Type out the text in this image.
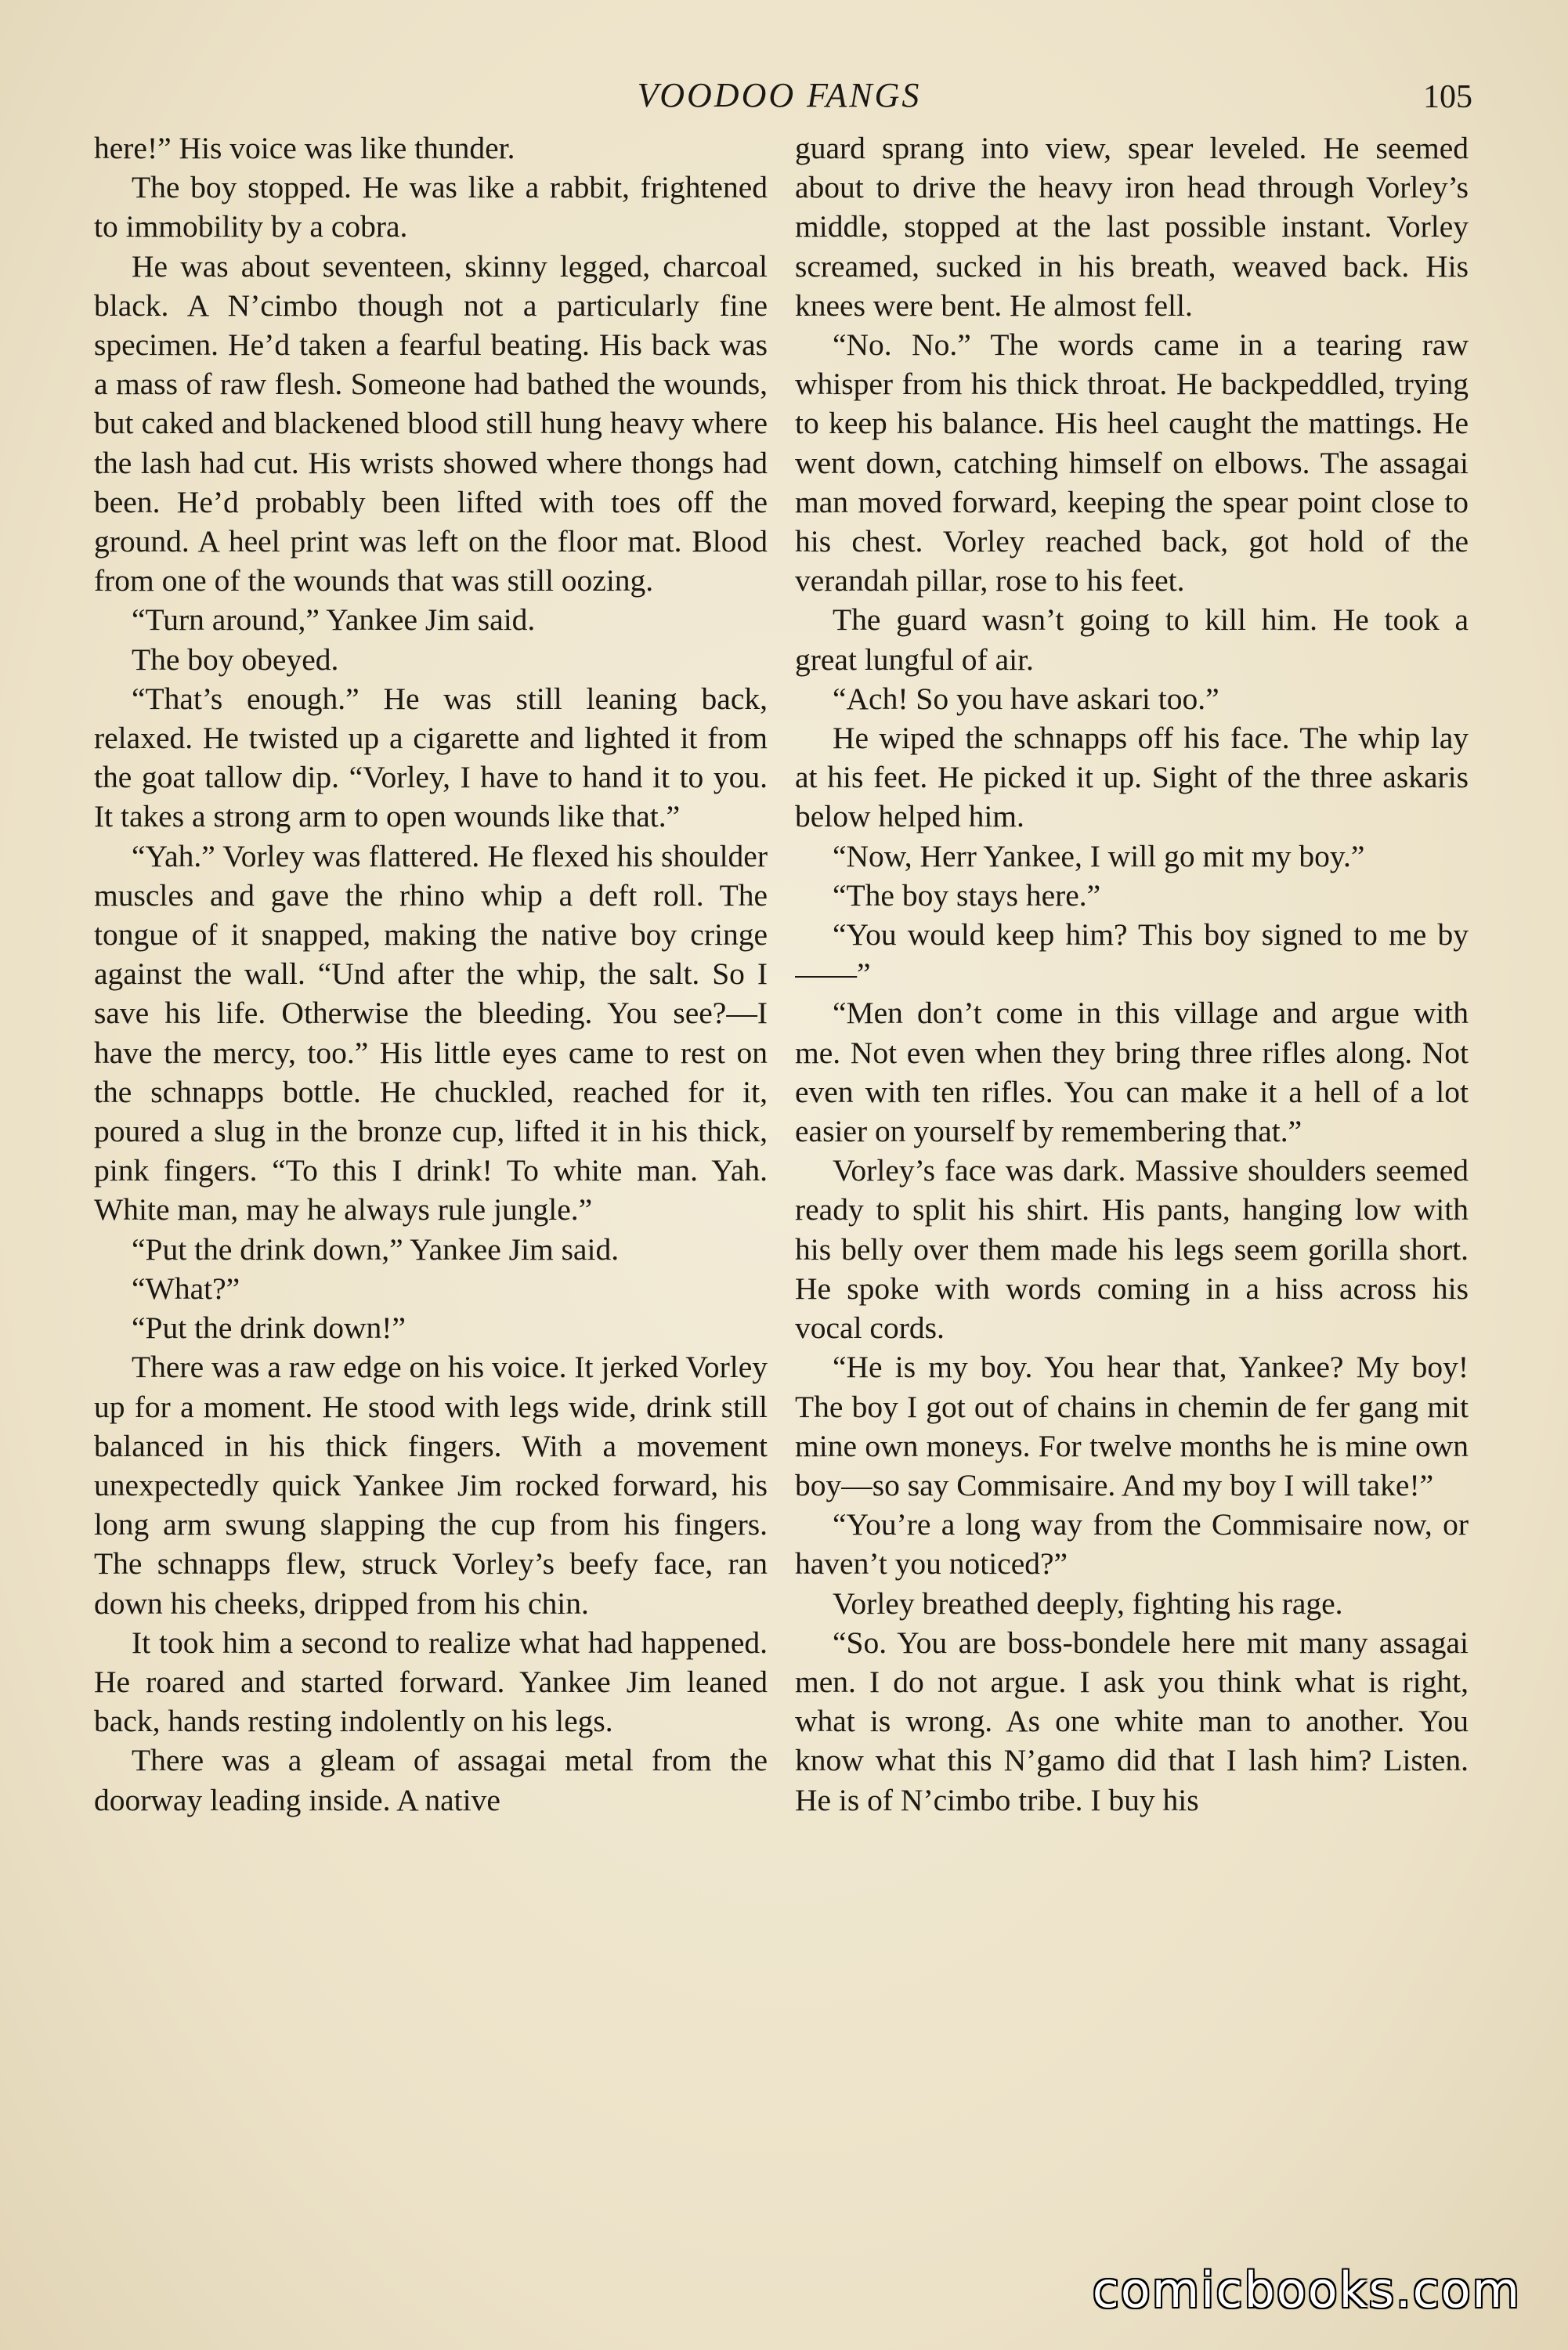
VOODOO FANGS	105

here!” His voice was like thunder.

The boy stopped. He was like a rabbit, frightened to immobility by a cobra.

He was about seventeen, skinny legged, charcoal black. A N’cimbo though not a particularly fine specimen. He’d taken a fearful beating. His back was a mass of raw flesh. Someone had bathed the wounds, but caked and blackened blood still hung heavy where the lash had cut. His wrists showed where thongs had been. He’d probably been lifted with toes off the ground. A heel print was left on the floor mat. Blood from one of the wounds that was still oozing.

“Turn around,” Yankee Jim said.

The boy obeyed.

“That’s enough.” He was still leaning back, relaxed. He twisted up a cigarette and lighted it from the goat tallow dip. “Vorley, I have to hand it to you. It takes a strong arm to open wounds like that.”

“Yah.” Vorley was flattered. He flexed his shoulder muscles and gave the rhino whip a deft roll. The tongue of it snapped, making the native boy cringe against the wall. “Und after the whip, the salt. So I save his life. Otherwise the bleeding. You see?—I have the mercy, too.” His little eyes came to rest on the schnapps bottle. He chuckled, reached for it, poured a slug in the bronze cup, lifted it in his thick, pink fingers. “To this I drink! To white man. Yah. White man, may he always rule jungle.”

“Put the drink down,” Yankee Jim said.

“What?”

“Put the drink down!”

There was a raw edge on his voice. It jerked Vorley up for a moment. He stood with legs wide, drink still balanced in his thick fingers. With a movement unexpectedly quick Yankee Jim rocked forward, his long arm swung slapping the cup from his fingers. The schnapps flew, struck Vorley’s beefy face, ran down his cheeks, dripped from his chin.

It took him a second to realize what had happened. He roared and started forward. Yankee Jim leaned back, hands resting indolently on his legs.

There was a gleam of assagai metal from the doorway leading inside. A native

guard sprang into view, spear leveled. He seemed about to drive the heavy iron head through Vorley’s middle, stopped at the last possible instant. Vorley screamed, sucked in his breath, weaved back. His knees were bent. He almost fell.

“No. No.” The words came in a tearing raw whisper from his thick throat. He backpeddled, trying to keep his balance. His heel caught the mattings. He went down, catching himself on elbows. The assagai man moved forward, keeping the spear point close to his chest. Vorley reached back, got hold of the verandah pillar, rose to his feet.

The guard wasn’t going to kill him. He took a great lungful of air.

“Ach! So you have askari too.”

He wiped the schnapps off his face. The whip lay at his feet. He picked it up. Sight of the three askaris below helped him.

“Now, Herr Yankee, I will go mit my boy.”

“The boy stays here.”

“You would keep him? This boy signed to me by——”

“Men don’t come in this village and argue with me. Not even when they bring three rifles along. Not even with ten rifles. You can make it a hell of a lot easier on yourself by remembering that.”

Vorley’s face was dark. Massive shoulders seemed ready to split his shirt. His pants, hanging low with his belly over them made his legs seem gorilla short. He spoke with words coming in a hiss across his vocal cords.

“He is my boy. You hear that, Yankee? My boy! The boy I got out of chains in chemin de fer gang mit mine own moneys. For twelve months he is mine own boy—so say Commisaire. And my boy I will take!”

“You’re a long way from the Commisaire now, or haven’t you noticed?”

Vorley breathed deeply, fighting his rage.

“So. You are boss-bondele here mit many assagai men. I do not argue. I ask you think what is right, what is wrong. As one white man to another. You know what this N’gamo did that I lash him? Listen. He is of N’cimbo tribe. I buy his

comicbooks.com
